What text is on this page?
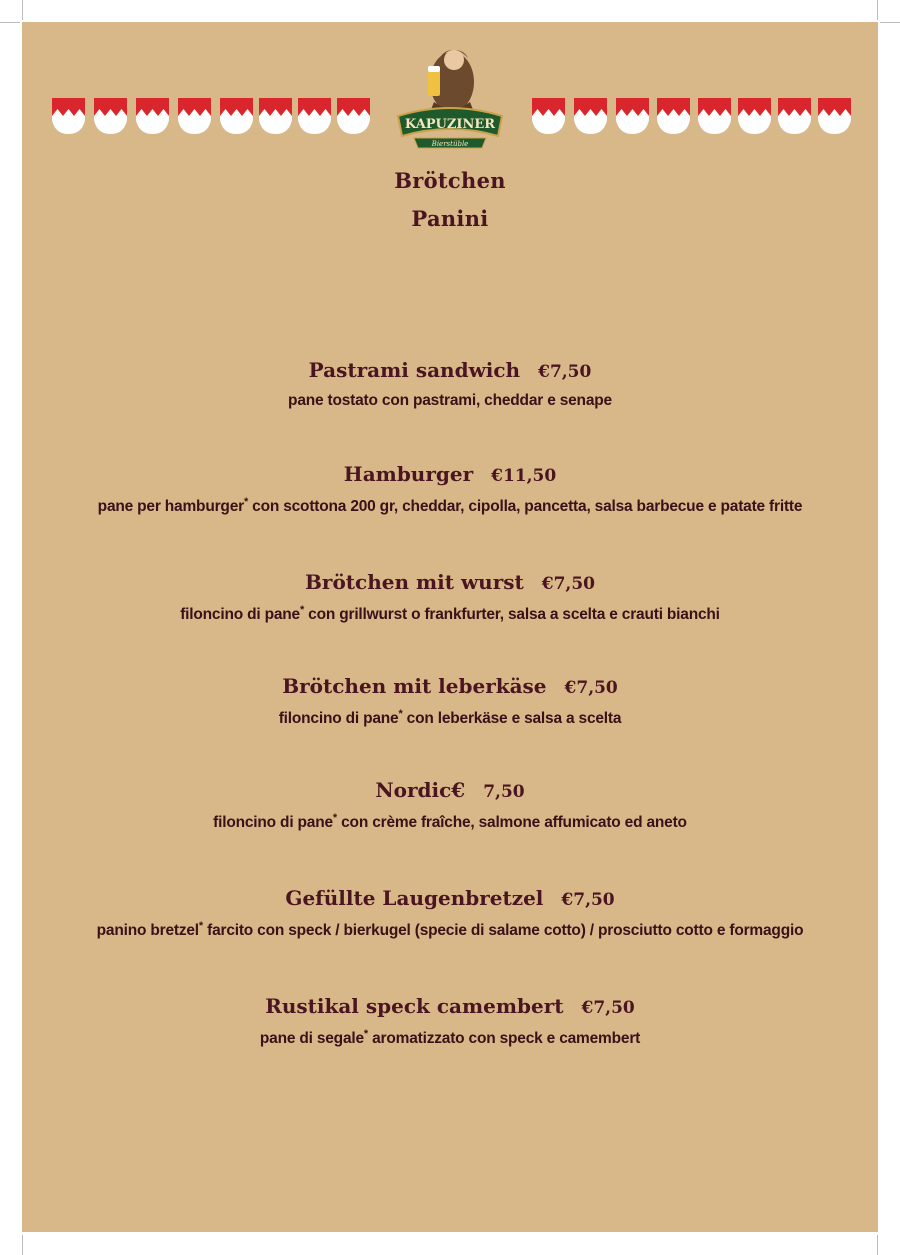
KAPUZINER
Bierstüble
Brötchen
Panini
Pastrami sandwich €7,50
pane tostato con pastrami, cheddar e senape
Hamburger €11,50
pane per hamburger* con scottona 200 gr, cheddar, cipolla, pancetta, salsa barbecue e patate fritte
Brötchen mit wurst €7,50
filoncino di pane* con grillwurst o frankfurter, salsa a scelta e crauti bianchi
Brötchen mit leberkäse €7,50
filoncino di pane* con leberkäse e salsa a scelta
Nordic€ 7,50
filoncino di pane* con crème fraîche, salmone affumicato ed aneto
Gefüllte Laugenbretzel €7,50
panino bretzel* farcito con speck / bierkugel (specie di salame cotto) / prosciutto cotto e formaggio
Rustikal speck camembert €7,50
pane di segale* aromatizzato con speck e camembert
